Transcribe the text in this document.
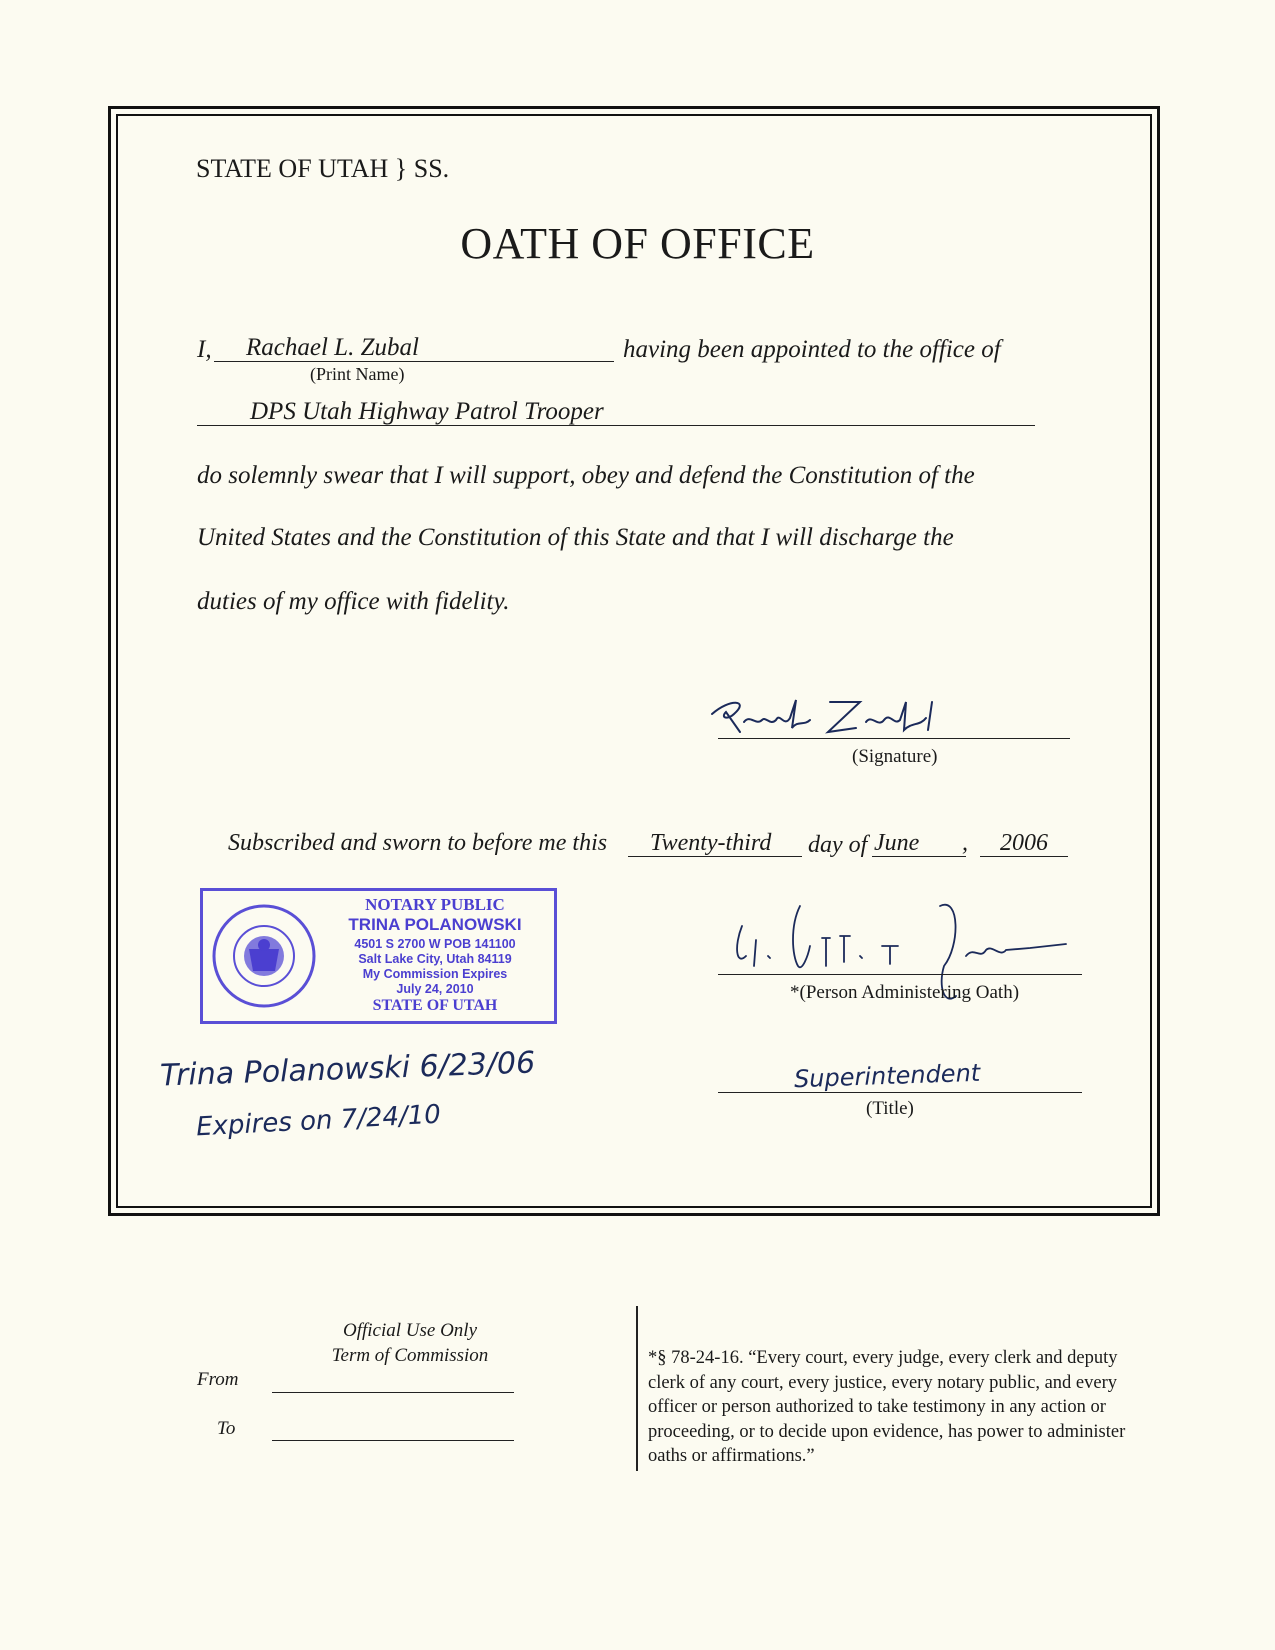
STATE OF UTAH } SS.
OATH OF OFFICE
I, Rachael L. Zubal	having been appointed to the office of
(Print Name)
DPS Utah Highway Patrol Trooper
do solemnly swear that I will support, obey and defend the Constitution of the
United States and the Constitution of this State and that I will discharge the
duties of my office with fidelity.
(Signature)
Subscribed and sworn to before me this Twenty-third day of June , 2006
NOTARY PUBLIC
TRINA POLANOWSKI
4501 S 2700 W POB 141100
Salt Lake City, Utah 84119
My Commission Expires
July 24, 2010
STATE OF UTAH
Trina Polanowski 6/23/06
Expires on 7/24/10
*(Person Administering Oath)
Superintendent
(Title)
Official Use Only
Term of Commission
From
To
*§ 78-24-16. “Every court, every judge, every clerk and deputy clerk of any court, every justice, every notary public, and every officer or person authorized to take testimony in any action or proceeding, or to decide upon evidence, has power to administer oaths or affirmations.”
